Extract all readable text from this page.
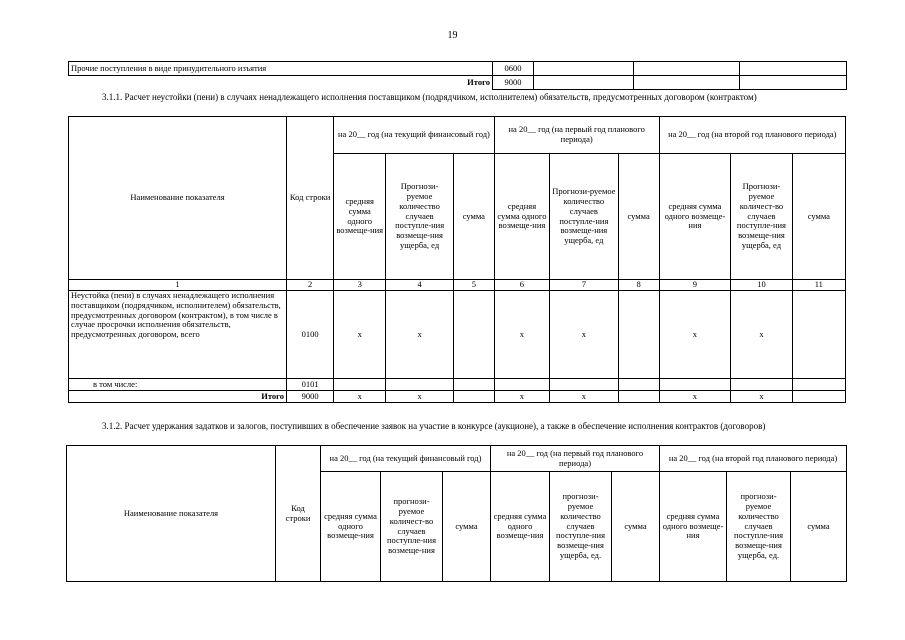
19
Прочие поступления в виде принудительного изъятия	0600			
Итого	9000			
3.1.1. Расчет неустойки (пени) в случаях ненадлежащего исполнения поставщиком (подрядчиком, исполнителем) обязательств, предусмотренных договором (контрактом)
Наименование показателя	Код строки	на 20__ год (на текущий финансовый год)			на 20__ год (на первый год планового периода)			на 20__ год (на второй год планового периода)		
		средняя сумма одного возмеще-ния	Прогнози-руемое количество случаев поступле-ния возмеще-ния ущерба, ед	сумма	средняя сумма одного возмеще-ния	Прогнози-руемое количество случаев поступле-ния возмеще-ния ущерба, ед	сумма	средняя сумма одного возмеще-ния	Прогнози-руемое количест-во случаев поступле-ния возмеще-ния ущерба, ед	сумма
1	2	3	4	5	6	7	8	9	10	11
Неустойка (пени) в случаях ненадлежащего исполнения поставщиком (подрядчиком, исполнителем) обязательств, предусмотренных договором (контрактом), в том числе в случае просрочки исполнения обязательств, предусмотренных договором, всего	0100	х	х		х	х		х	х	
в том числе:	0101									
Итого	9000	х	х		х	х		х	х	
3.1.2. Расчет удержания задатков и залогов, поступивших в обеспечение заявок на участие в конкурсе (аукционе), а также в обеспечение исполнения контрактов (договоров)
Наименование показателя	Код строки	на 20__ год (на текущий финансовый год)			на 20__ год (на первый год планового периода)			на 20__ год (на второй год планового периода)		
		средняя сумма одного возмеще-ния	прогнози-руемое количест-во случаев поступле-ния возмеще-ния	сумма	средняя сумма одного возмеще-ния	прогнози-руемое количество случаев поступле-ния возмеще-ния ущерба, ед.	сумма	средняя сумма одного возмеще-ния	прогнози-руемое количество случаев поступле-ния возмеще-ния ущерба, ед.	сумма
